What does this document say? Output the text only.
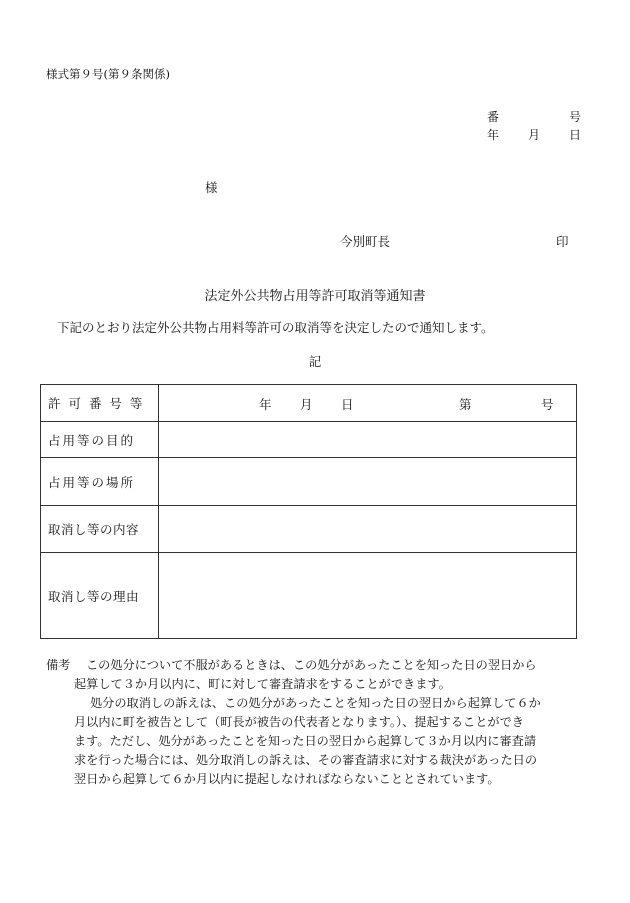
様式第９号(第９条関係)
番	号
年 月 日
様
今別町長	印
法定外公共物占用等許可取消等通知書
下記のとおり法定外公共物占用料等許可の取消等を決定したので通知します。
記
許 可 番 号 等	年 月 日 第 号

占用等の目的	
占用等の場所	
取消し等の内容	
取消し等の理由	

備考 この処分について不服があるときは、この処分があったことを知った日の翌日から

起算して３か月以内に、町に対して審査請求をすることができます。

処分の取消しの訴えは、この処分があったことを知った日の翌日から起算して６か

月以内に町を被告として（町長が被告の代表者となります。）、提起することができ

ます。ただし、処分があったことを知った日の翌日から起算して３か月以内に審査請

求を行った場合には、処分取消しの訴えは、その審査請求に対する裁決があった日の

翌日から起算して６か月以内に提起しなければならないこととされています。
